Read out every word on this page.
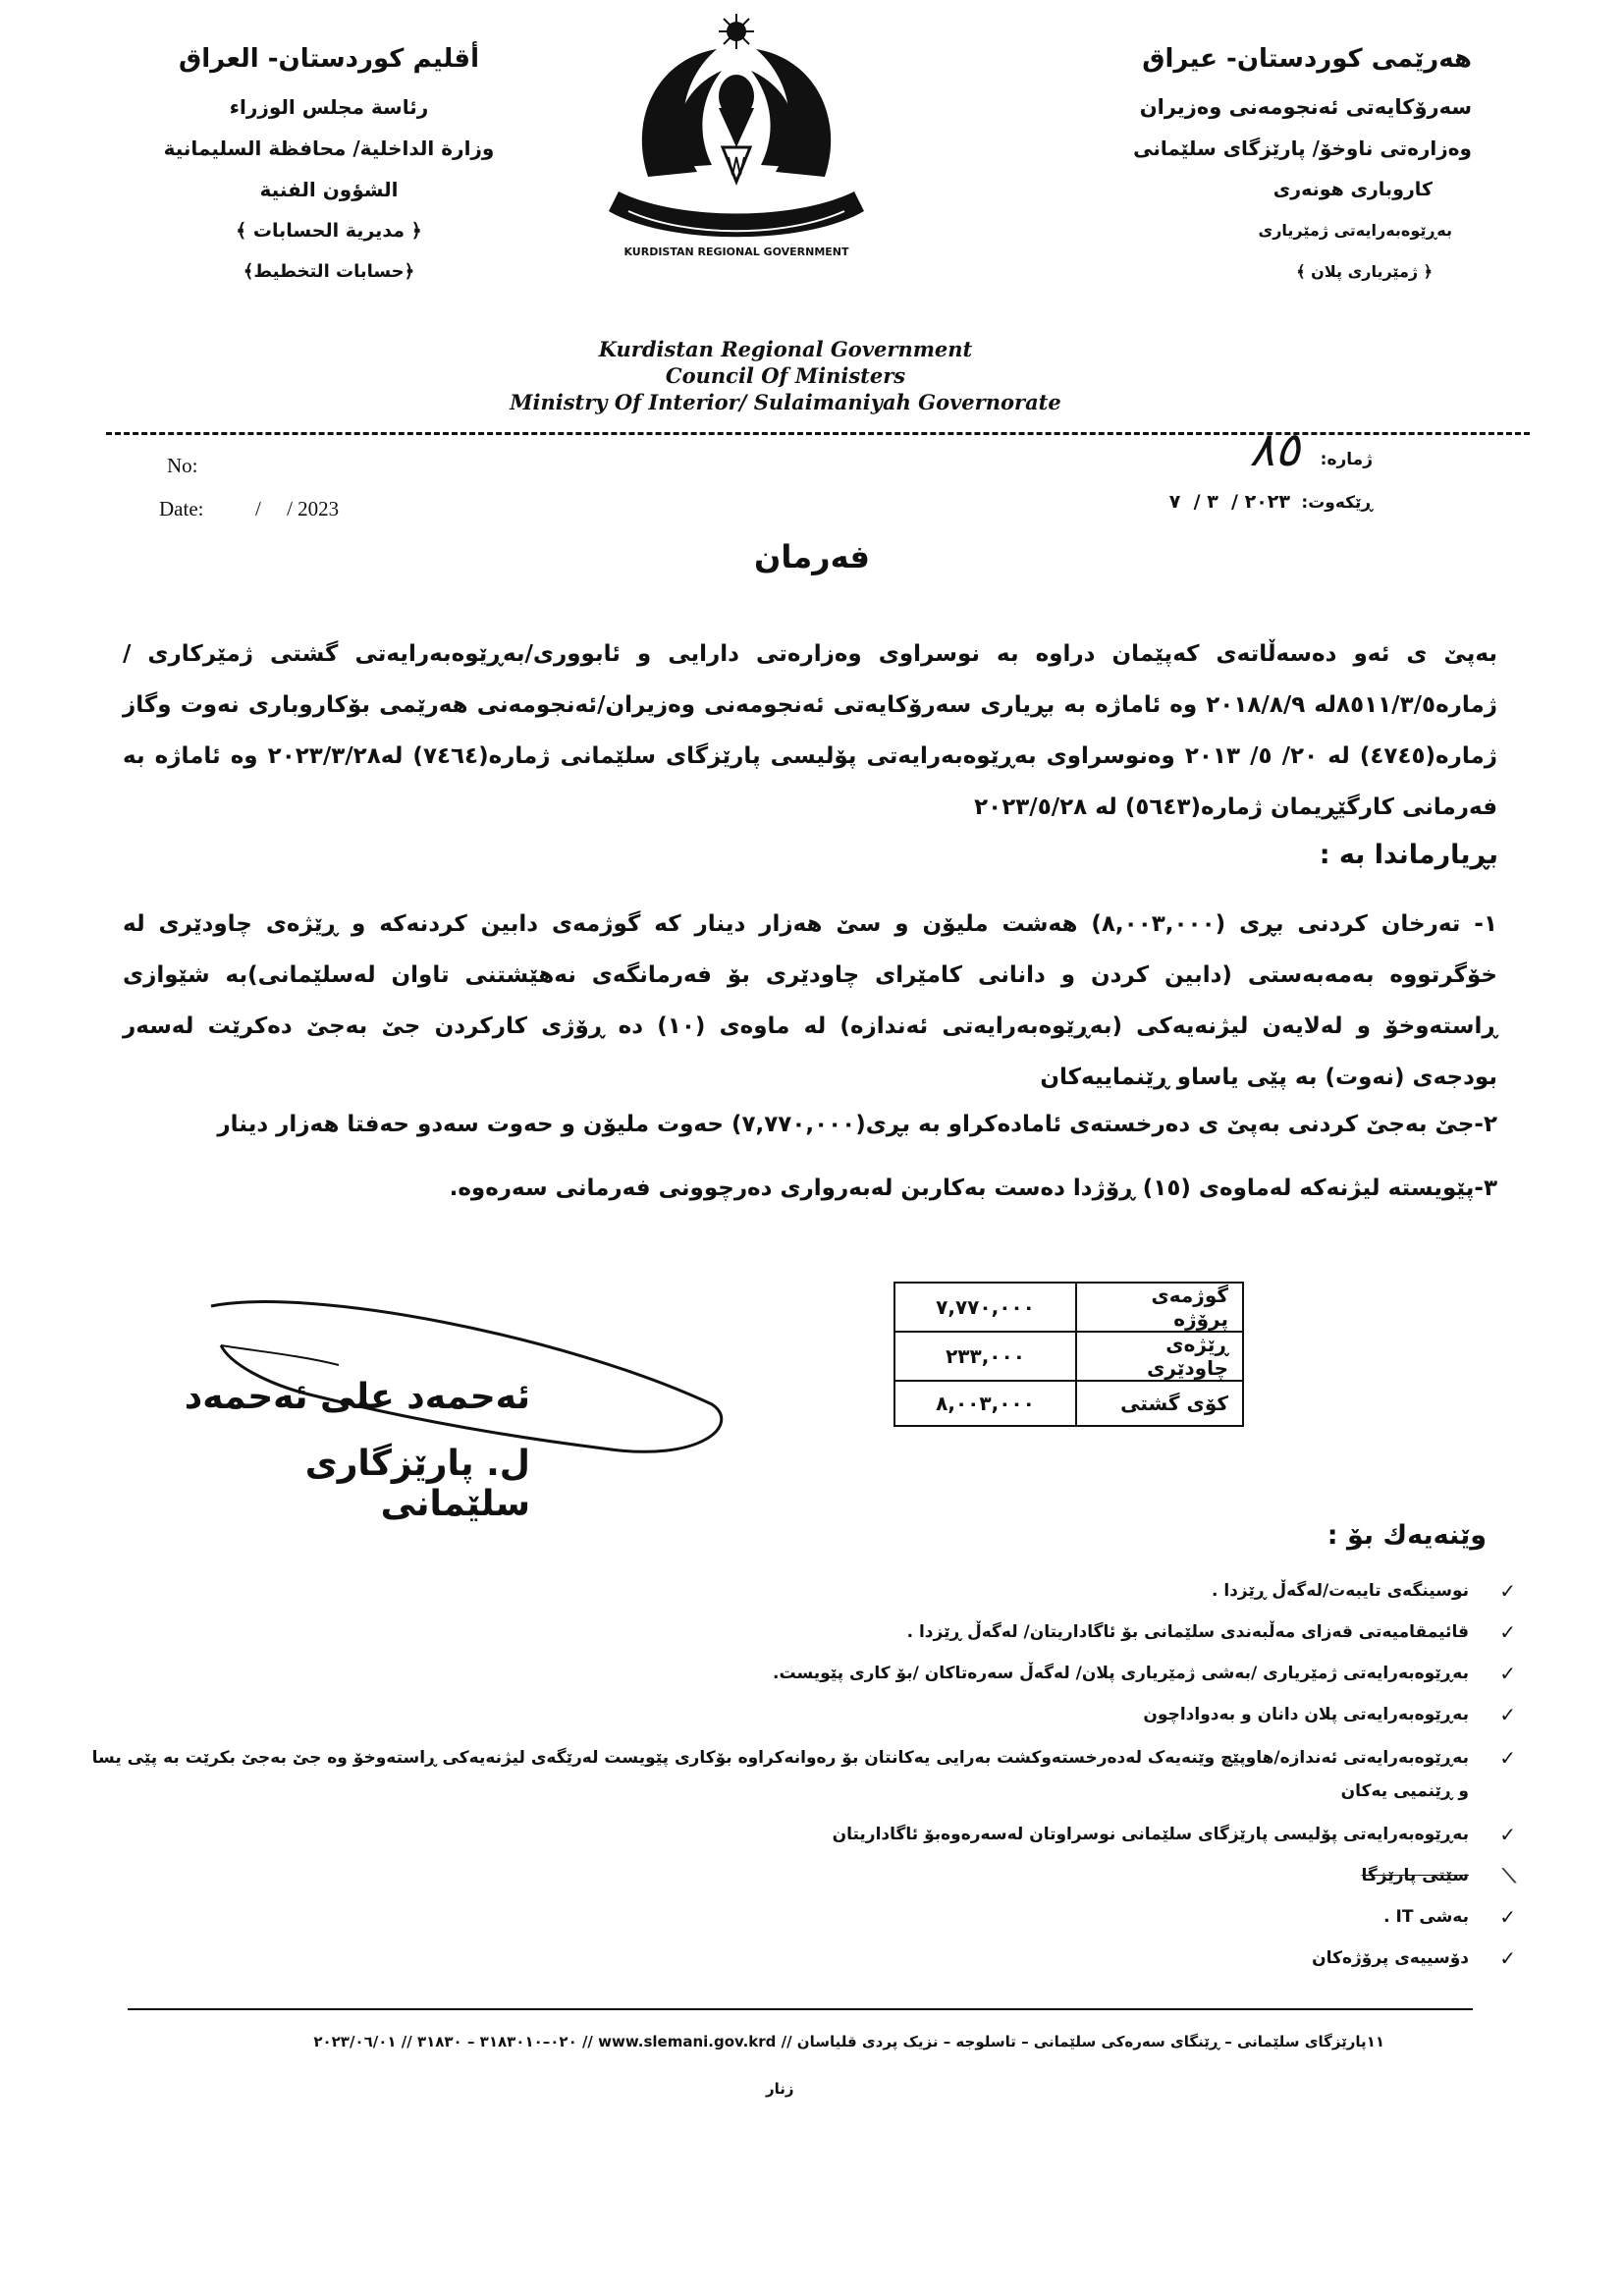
أقليم كوردستان- العراق
رئاسة مجلس الوزراء
وزارة الداخلية/ محافظة السليمانية
الشؤون الفنية
﴿ مديرية الحسابات ﴾
﴿حسابات التخطيط﴾
هەرێمی کوردستان- عیراق
سەرۆکایەتی ئەنجومەنی وەزیران
وەزارەتی ناوخۆ/ پارێزگای سلێمانی
کاروباری هونەری
بەڕێوەبەرایەتی ژمێریاری
﴿ ژمێریاری پلان ﴾
KURDISTAN REGIONAL GOVERNMENT
Kurdistan Regional Government
Council Of Ministers
Ministry Of Interior/ Sulaimaniyah Governorate
No:
Date:	/     / 2023
ژمارە:
ڕێکەوت:
٨٥
٢٠٢٣ /  ٣ /  ٧
فەرمان
بەپێ ی ئەو دەسەڵاتەی کەپێمان دراوە بە نوسراوی وەزارەتی دارایی و ئابووری/بەڕێوەبەرایەتی گشتی ژمێرکاری /ژمارە٨٥١١/٣/٥لە ٢٠١٨/٨/٩ وە ئاماژە بە بڕیاری سەرۆکایەتی ئەنجومەنی وەزیران/ئەنجومەنی هەرێمی بۆکاروباری نەوت وگاز ژمارە(٤٧٤٥) لە ٢٠/ ٥/ ٢٠١٣ وەنوسراوی بەڕێوەبەرایەتی پۆلیسی پارێزگای سلێمانی ژمارە(٧٤٦٤) لە٢٠٢٣/٣/٢٨ وە ئاماژە بە فەرمانی کارگێڕیمان ژمارە(٥٦٤٣) لە ٢٠٢٣/٥/٢٨
بڕیارماندا بە :
١- تەرخان کردنی بڕی (٨,٠٠٣,٠٠٠) هەشت ملیۆن و سێ هەزار دینار کە گوژمەی دابین کردنەکە و ڕێژەی چاودێری لە خۆگرتووە بەمەبەستی (دابین کردن و دانانی کامێرای چاودێری بۆ فەرمانگەی نەهێشتنی تاوان لەسلێمانی)بە شێوازی ڕاستەوخۆ و لەلایەن لیژنەیەکی (بەڕێوەبەرایەتی ئەندازە) لە ماوەی (١٠) دە ڕۆژی کارکردن جێ بەجێ دەکرێت لەسەر بودجەی (نەوت) بە پێی یاساو ڕێنماییەکان
٢-جێ بەجێ کردنی بەپێ ی دەرخستەی ئامادەکراو بە بڕی(٧,٧٧٠,٠٠٠) حەوت ملیۆن و حەوت سەدو حەفتا هەزار دینار
٣-پێویستە لیژنەکە لەماوەی (١٥) ڕۆژدا دەست بەکاربن لەبەرواری دەرچوونی فەرمانی سەرەوە.
٧,٧٧٠,٠٠٠	گوژمەی پرۆژە
٢٣٣,٠٠٠	ڕێژەی چاودێری
٨,٠٠٣,٠٠٠	کۆی گشتی
ئەحمەد علی ئەحمەد
ل. پارێزگاری سلێمانی
وێنەیەك بۆ :
✓
نوسینگەی تایبەت/لەگەڵ ڕێزدا .
✓
قائیمقامیەتی قەزای مەڵبەندی سلێمانی بۆ ئاگاداریتان/ لەگەڵ ڕێزدا .
✓
بەڕێوەبەرایەتی ژمێریاری /بەشی ژمێریاری پلان/ لەگەڵ سەرەتاکان /بۆ کاری پێویست.
✓
بەڕێوەبەرایەتی پلان دانان و بەدواداچون
✓
بەڕێوەبەرایەتی ئەندازە/هاوپێچ وێنەیەک لەدەرخستەوکشت بەرایی یەکانتان بۆ رەوانەکراوە بۆکاری پێویست لەرێگەی لیژنەیەکی ڕاستەوخۆ وە جێ بەجێ بکرێت بە پێی یسا و ڕێنمیی یەکان
✓
بەڕێوەبەرایەتی پۆلیسی پارێزگای سلێمانی نوسراوتان لەسەرەوەبۆ ئاگاداریتان
⟋
سێتی پارێزگا
✓
بەشی IT .
✓
دۆسییەی پرۆژەکان
١١پارێزگای سلێمانی – ڕێنگای سەرەکی سلێمانی – تاسلوجە – نزیک پردی قلیاسان // www.slemani.gov.krd // ٠٢٠–٣١٨٣٠١٠ – ٣١٨٣٠ // ٢٠٢٣/٠٦/٠١
زنار
